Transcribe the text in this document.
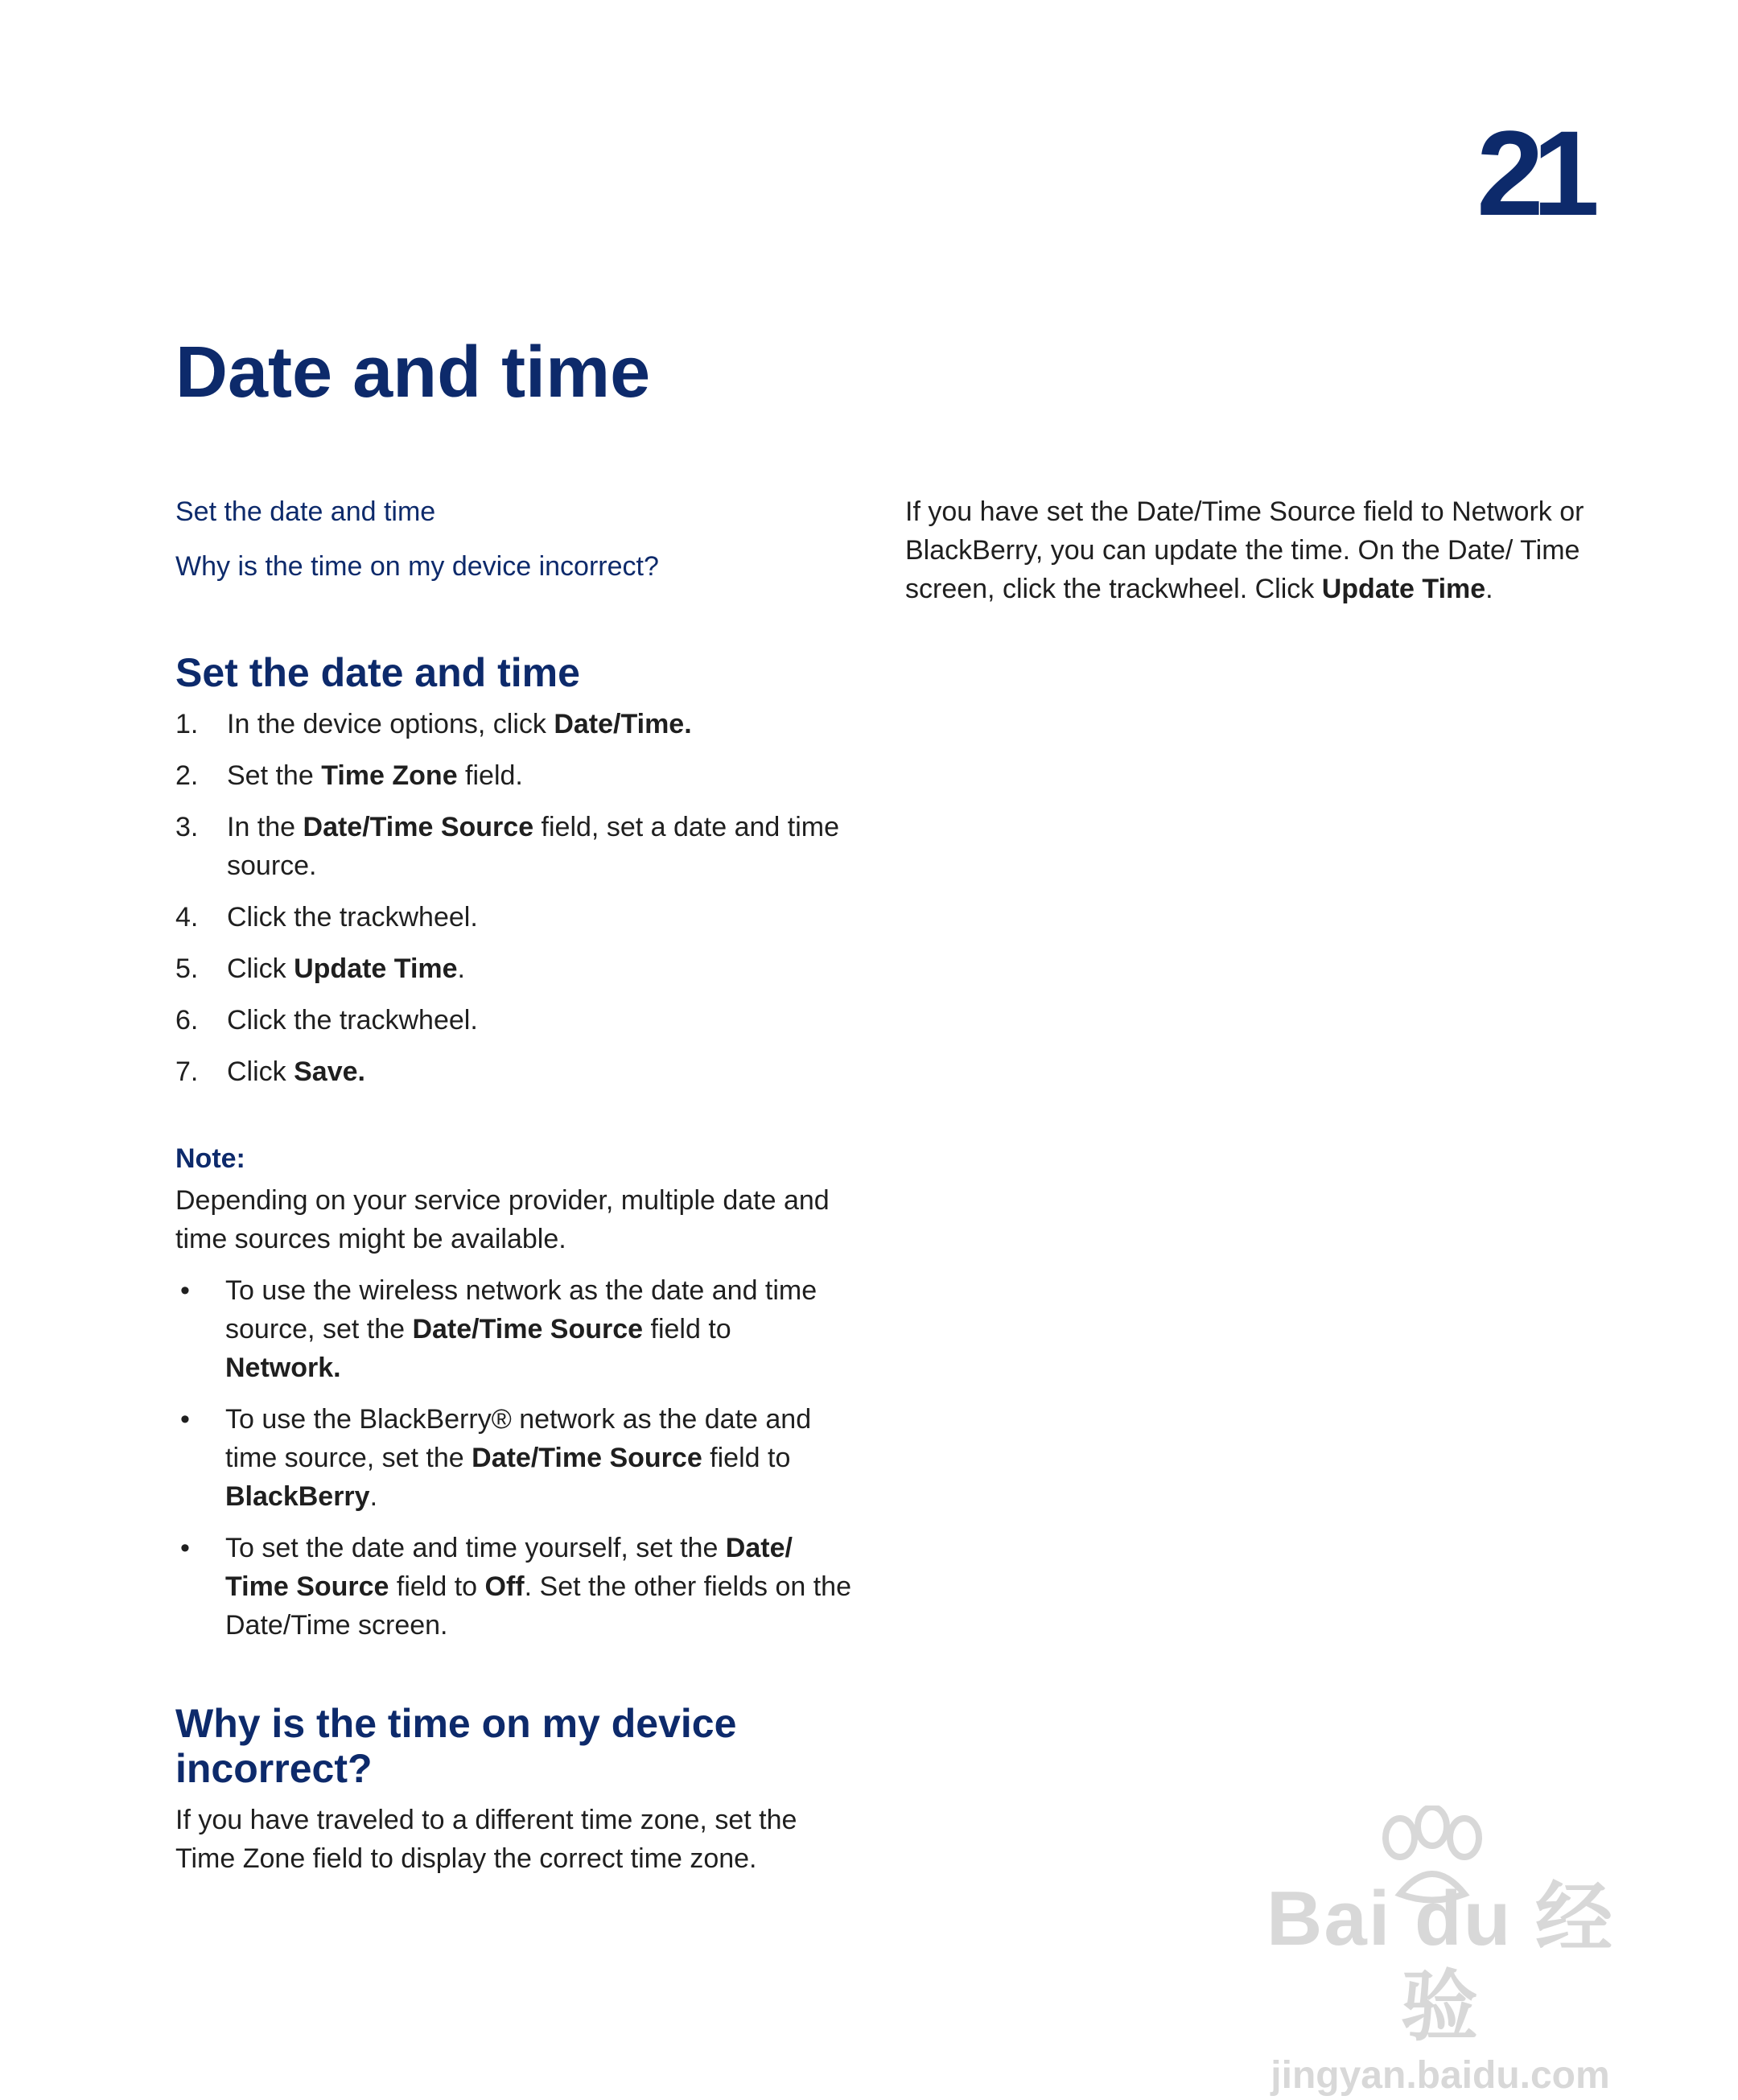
21
Date and time
Set the date and time
Why is the time on my device incorrect?
Set the date and time
1. In the device options, click Date/Time.
2. Set the Time Zone field.
3. In the Date/Time Source field, set a date and time source.
4. Click the trackwheel.
5. Click Update Time.
6. Click the trackwheel.
7. Click Save.
Note:

Depending on your service provider, multiple date and time sources might be available.

• To use the wireless network as the date and time source, set the Date/Time Source field to Network.
• To use the BlackBerry® network as the date and time source, set the Date/Time Source field to BlackBerry.
• To set the date and time yourself, set the Date/ Time Source field to Off. Set the other fields on the Date/Time screen.
Why is the time on my device incorrect?

If you have traveled to a different time zone, set the Time Zone field to display the correct time zone.

If you have set the Date/Time Source field to Network or BlackBerry, you can update the time. On the Date/ Time screen, click the trackwheel. Click Update Time.

Bai du 经验
jingyan.baidu.com
